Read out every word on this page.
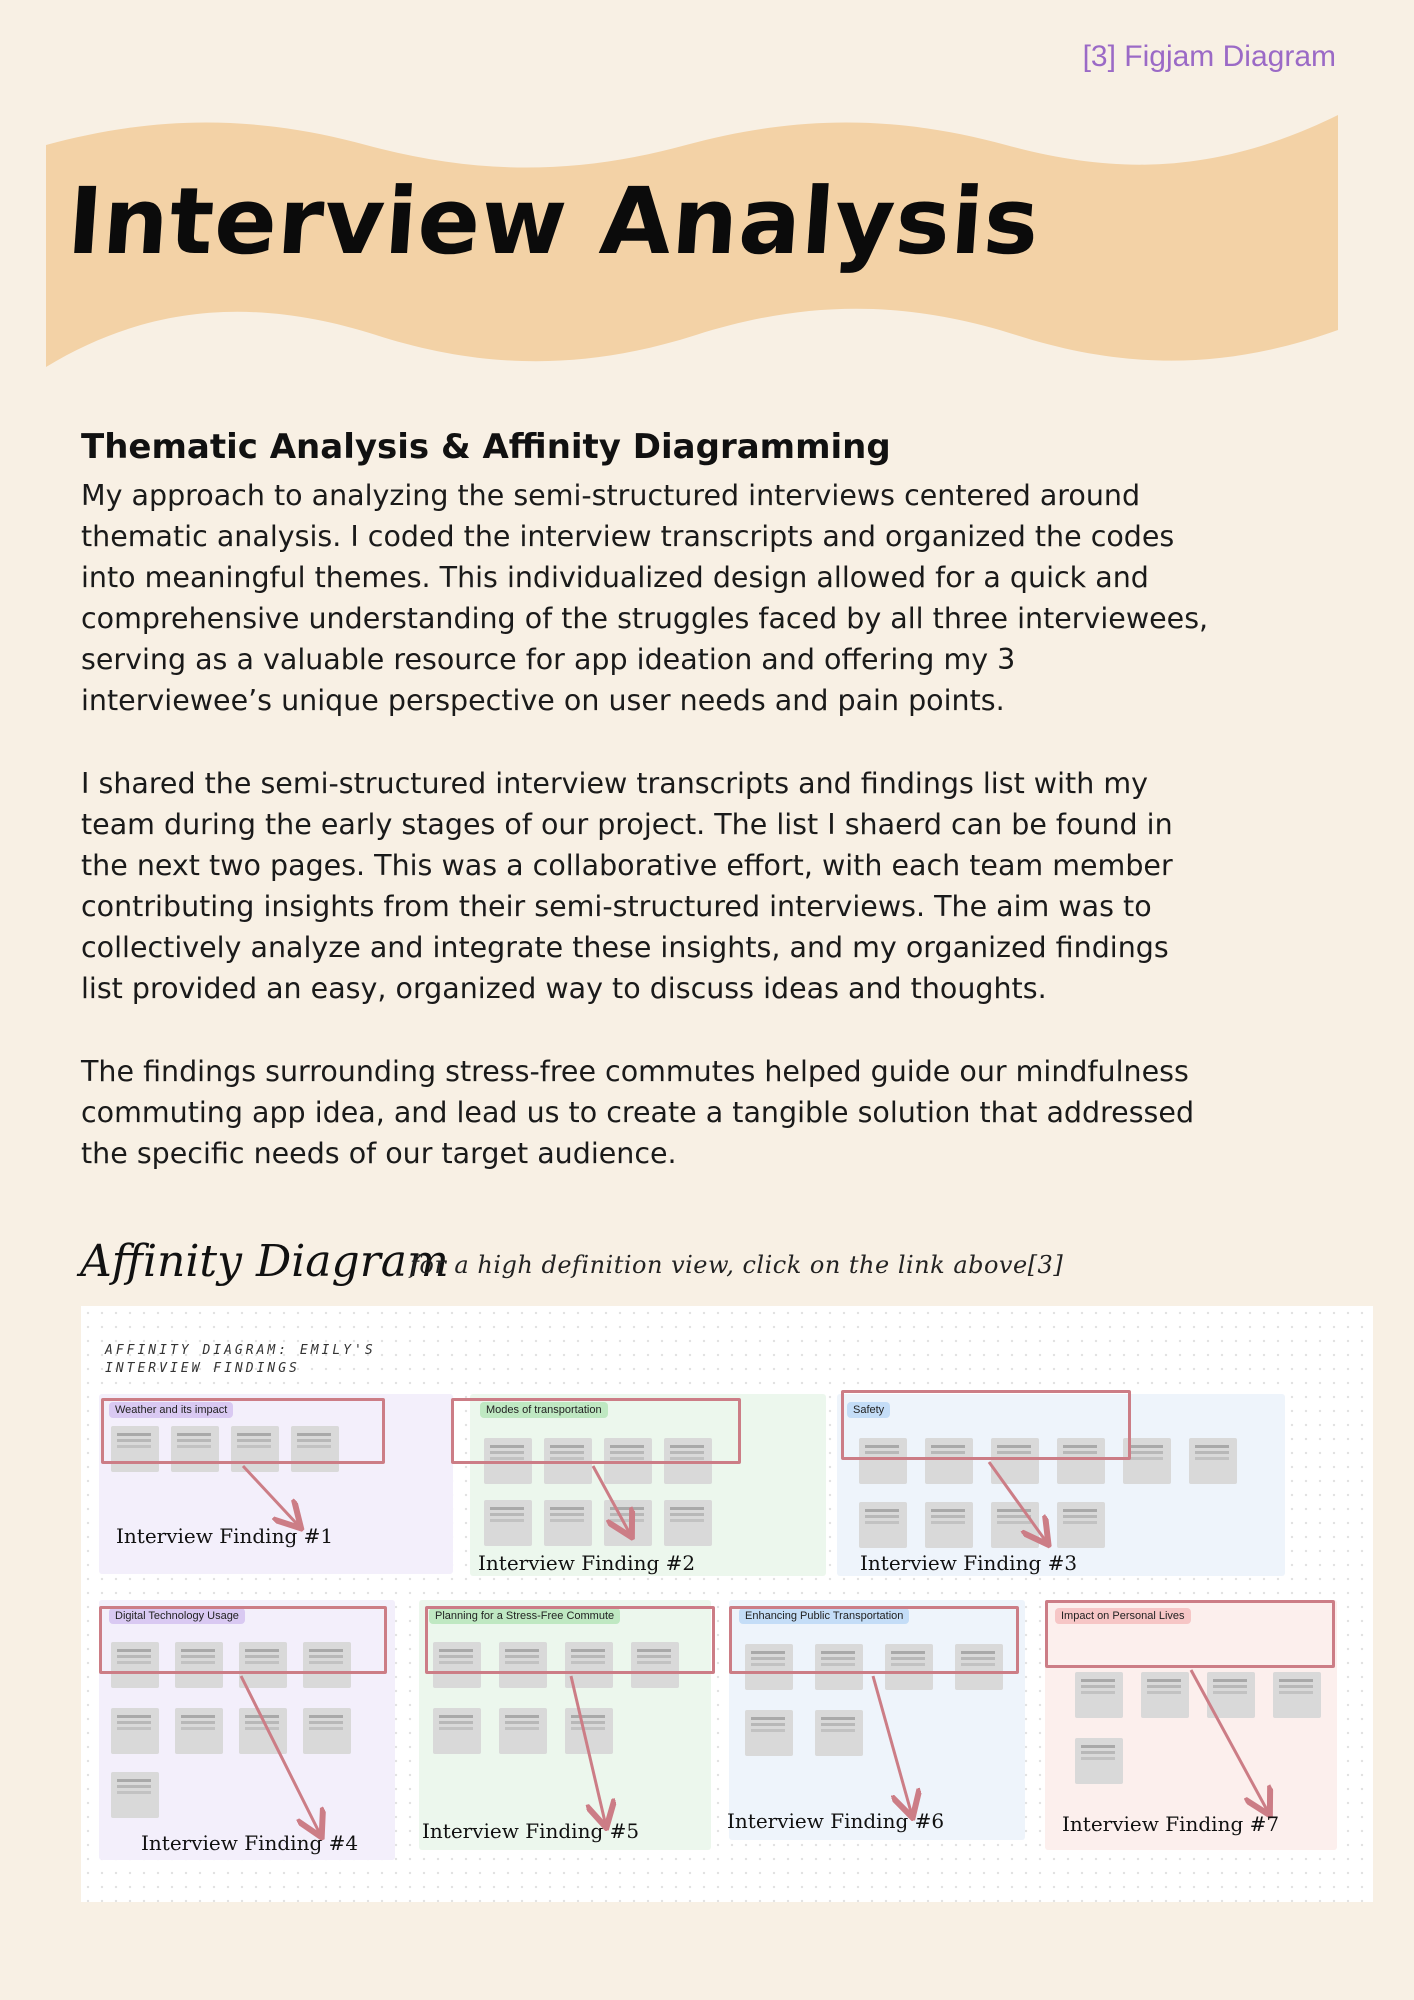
[3] Figjam Diagram
Interview Analysis
Thematic Analysis & Affinity Diagramming

My approach to analyzing the semi-structured interviews centered around thematic analysis. I coded the interview transcripts and organized the codes into meaningful themes. This individualized design allowed for a quick and comprehensive understanding of the struggles faced by all three interviewees, serving as a valuable resource for app ideation and offering my 3 interviewee’s unique perspective on user needs and pain points.

I shared the semi-structured interview transcripts and findings list with my team during the early stages of our project. The list I shaerd can be found in the next two pages. This was a collaborative effort, with each team member contributing insights from their semi-structured interviews. The aim was to collectively analyze and integrate these insights, and my organized findings list provided an easy, organized way to discuss ideas and thoughts.

The findings surrounding stress-free commutes helped guide our mindfulness commuting app idea, and lead us to create a tangible solution that addressed the specific needs of our target audience.

Affinity Diagram
for a high definition view, click on the link above[3]
AFFINITY DIAGRAM: EMILY'S INTERVIEW FINDINGS
Weather and its impact	Modes of transportation	Safety
Digital Technology Usage	Planning for a Stress-Free Commute	Enhancing Public Transportation	Impact on Personal Lives
Interview Finding #1
Interview Finding #2	Interview Finding #3
Interview Finding #4	Interview Finding #5	Interview Finding #6	Interview Finding #7
